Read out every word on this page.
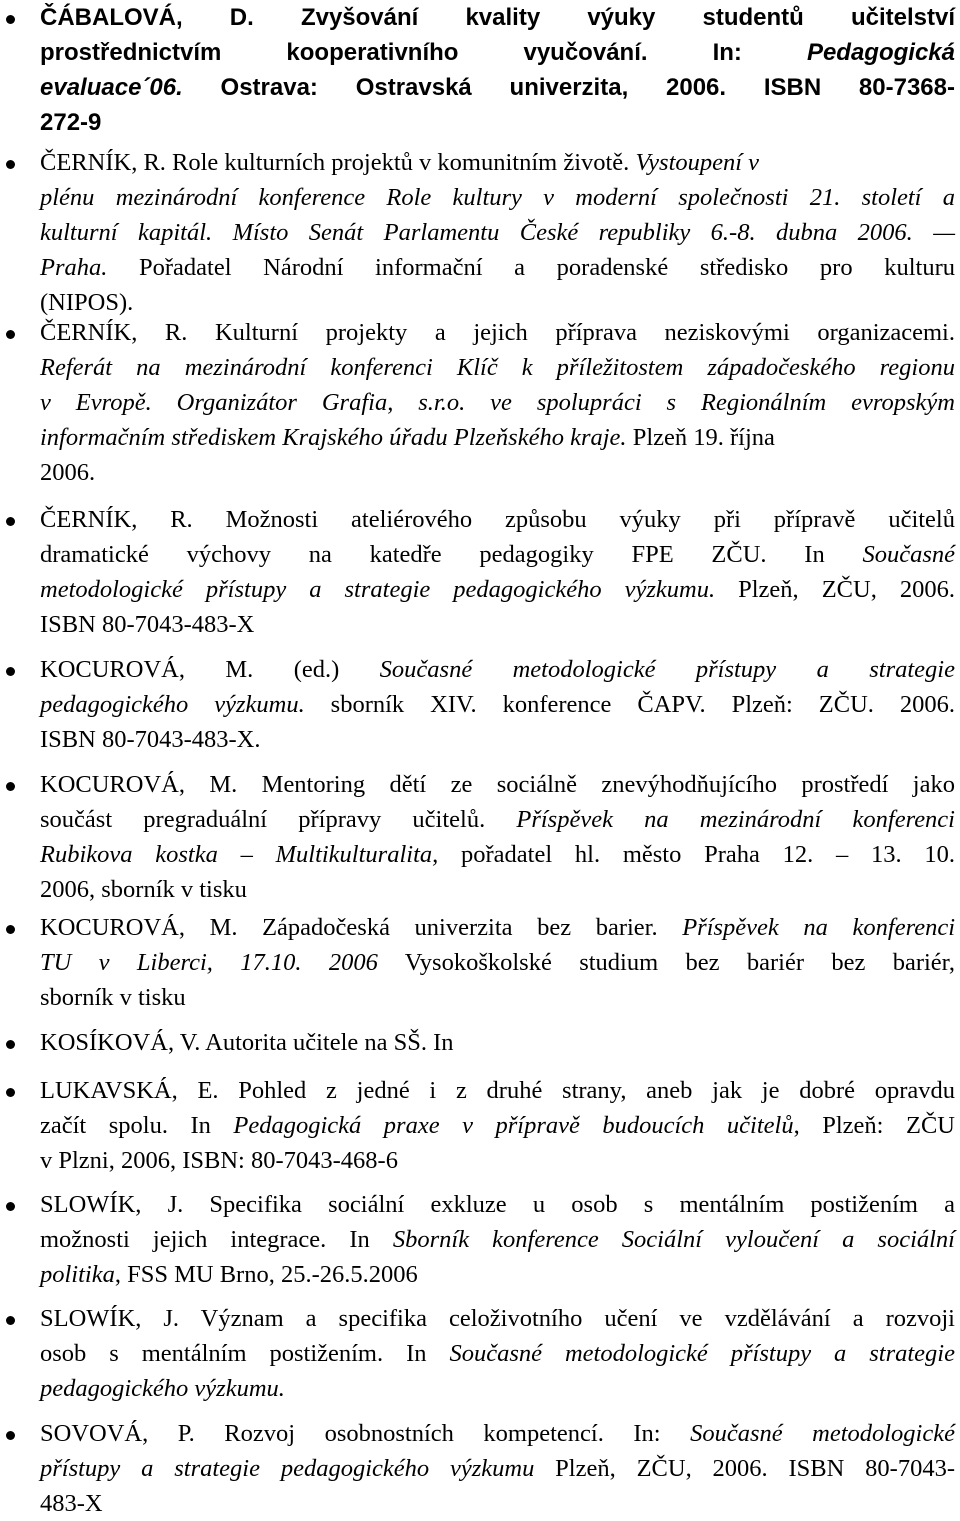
ČÁBALOVÁ, D. Zvyšování kvality výuky studentů učitelství
prostřednictvím kooperativního vyučování. In: Pedagogická
evaluace´06. Ostrava: Ostravská univerzita, 2006. ISBN 80-7368-
272-9
ČERNÍK, R. Role kulturních projektů v komunitním životě. Vystoupení v
plénu mezinárodní konference Role kultury v moderní společnosti 21. století a
kulturní kapitál. Místo Senát Parlamentu České republiky 6.-8. dubna 2006. —
Praha. Pořadatel Národní informační a poradenské středisko pro kulturu
(NIPOS).
ČERNÍK, R. Kulturní projekty a jejich příprava neziskovými organizacemi.
Referát na mezinárodní konferenci Klíč k příležitostem západočeského regionu
v Evropě. Organizátor Grafia, s.r.o. ve spolupráci s Regionálním evropským
informačním střediskem Krajského úřadu Plzeňského kraje. Plzeň 19. října
2006.
ČERNÍK, R. Možnosti ateliérového způsobu výuky při přípravě učitelů
dramatické výchovy na katedře pedagogiky FPE ZČU. In Současné
metodologické přístupy a strategie pedagogického výzkumu. Plzeň, ZČU, 2006.
ISBN 80-7043-483-X
KOCUROVÁ, M. (ed.) Současné metodologické přístupy a strategie
pedagogického výzkumu. sborník XIV. konference ČAPV. Plzeň: ZČU. 2006.
ISBN 80-7043-483-X.
KOCUROVÁ, M. Mentoring dětí ze sociálně znevýhodňujícího prostředí jako
součást pregraduální přípravy učitelů. Příspěvek na mezinárodní konferenci
Rubikova kostka – Multikulturalita, pořadatel hl. město Praha 12. – 13. 10.
2006, sborník v tisku
KOCUROVÁ, M. Západočeská univerzita bez barier. Příspěvek na konferenci
TU v Liberci, 17.10. 2006 Vysokoškolské studium bez bariér bez bariér,
sborník v tisku
KOSÍKOVÁ, V. Autorita učitele na SŠ. In
LUKAVSKÁ, E. Pohled z jedné i z druhé strany, aneb jak je dobré opravdu
začít spolu. In Pedagogická praxe v přípravě budoucích učitelů, Plzeň: ZČU
v Plzni, 2006, ISBN: 80-7043-468-6
SLOWÍK, J. Specifika sociální exkluze u osob s mentálním postižením a
možnosti jejich integrace. In Sborník konference Sociální vyloučení a sociální
politika, FSS MU Brno, 25.-26.5.2006
SLOWÍK, J. Význam a specifika celoživotního učení ve vzdělávání a rozvoji
osob s mentálním postižením. In Současné metodologické přístupy a strategie
pedagogického výzkumu.
SOVOVÁ, P. Rozvoj osobnostních kompetencí. In: Současné metodologické
přístupy a strategie pedagogického výzkumu Plzeň, ZČU, 2006. ISBN 80-7043-
483-X
